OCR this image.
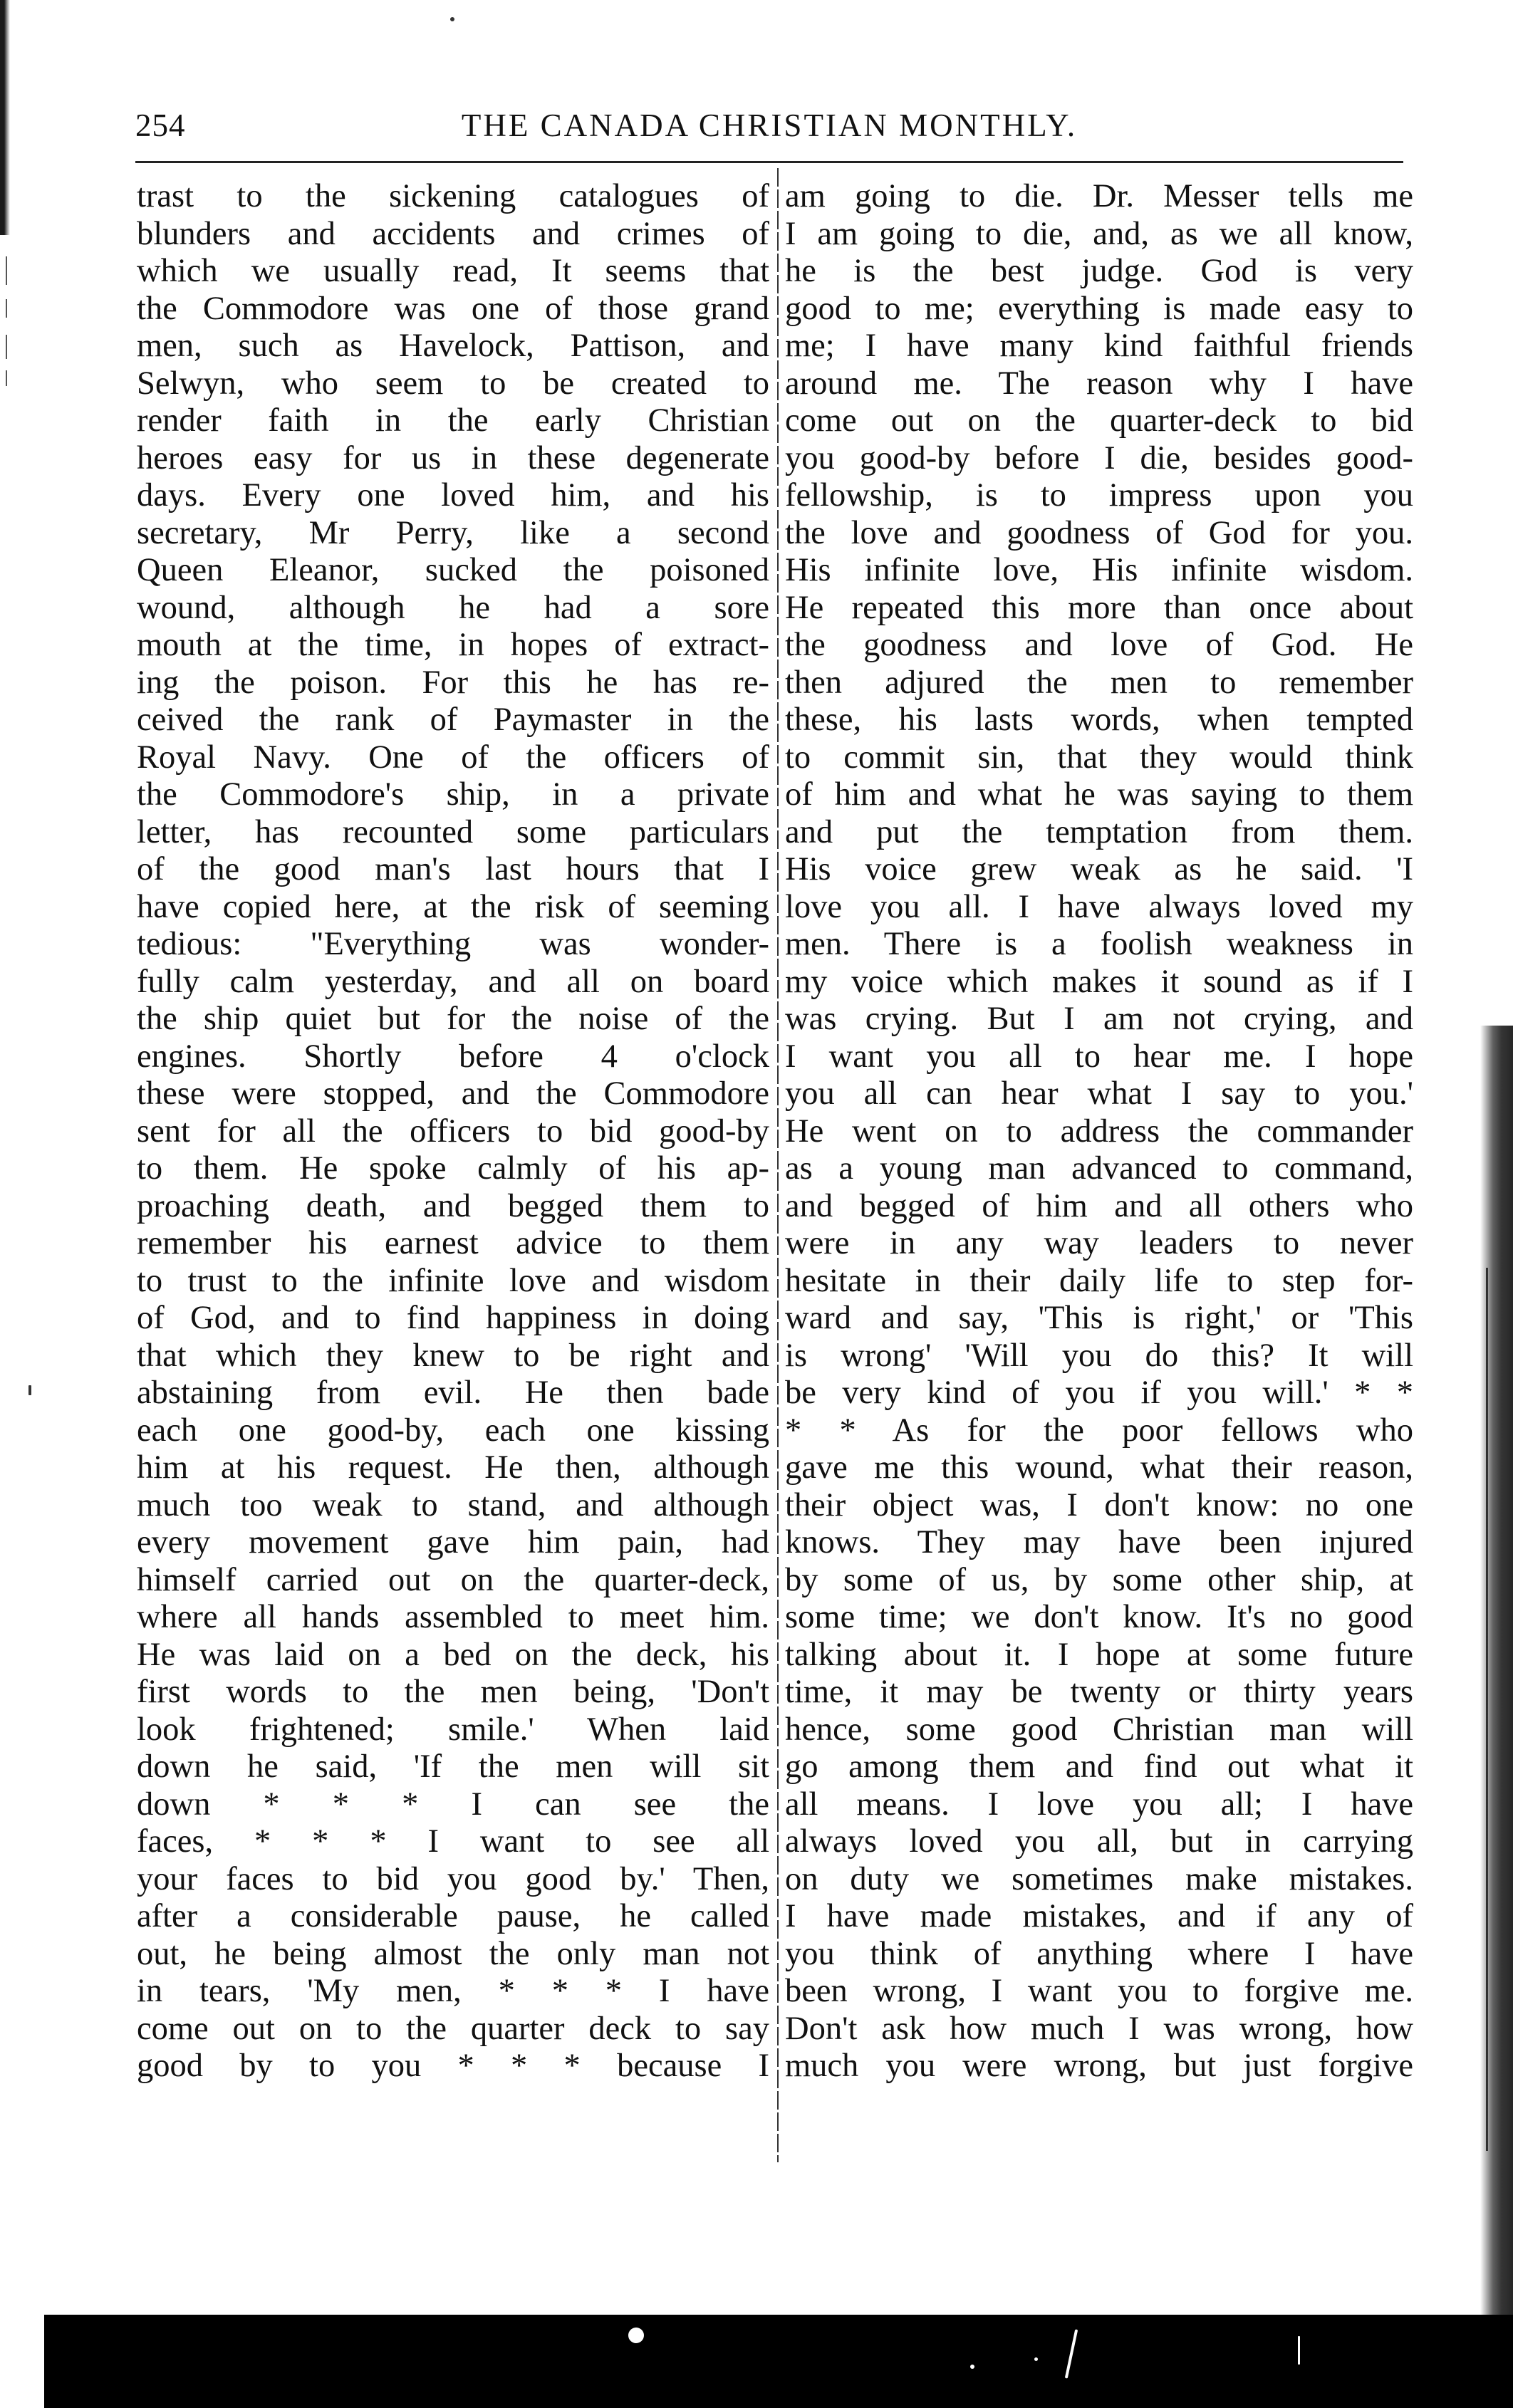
254	THE CANADA CHRISTIAN MONTHLY.
trast to the sickening catalogues of
blunders and accidents and crimes of
which we usually read, It seems that
the Commodore was one of those grand
men, such as Havelock, Pattison, and
Selwyn, who seem to be created to
render faith in the early Christian
heroes easy for us in these degenerate
days. Every one loved him, and his
secretary, Mr Perry, like a second
Queen Eleanor, sucked the poisoned
wound, although he had a sore
mouth at the time, in hopes of extract-
ing the poison. For this he has re-
ceived the rank of Paymaster in the
Royal Navy. One of the officers of
the Commodore's ship, in a private
letter, has recounted some particulars
of the good man's last hours that I
have copied here, at the risk of seeming
tedious: "Everything was wonder-
fully calm yesterday, and all on board
the ship quiet but for the noise of the
engines. Shortly before 4 o'clock
these were stopped, and the Commodore
sent for all the officers to bid good-by
to them. He spoke calmly of his ap-
proaching death, and begged them to
remember his earnest advice to them
to trust to the infinite love and wisdom
of God, and to find happiness in doing
that which they knew to be right and
abstaining from evil. He then bade
each one good-by, each one kissing
him at his request. He then, although
much too weak to stand, and although
every movement gave him pain, had
himself carried out on the quarter-deck,
where all hands assembled to meet him.
He was laid on a bed on the deck, his
first words to the men being, 'Don't
look frightened; smile.' When laid
down he said, 'If the men will sit
down * * * I can see the
faces, * * * I want to see all
your faces to bid you good by.' Then,
after a considerable pause, he called
out, he being almost the only man not
in tears, 'My men, * * * I have
come out on to the quarter deck to say
good by to you * * * because I
am going to die. Dr. Messer tells me
I am going to die, and, as we all know,
he is the best judge. God is very
good to me; everything is made easy to
me; I have many kind faithful friends
around me. The reason why I have
come out on the quarter-deck to bid
you good-by before I die, besides good-
fellowship, is to impress upon you
the love and goodness of God for you.
His infinite love, His infinite wisdom.
He repeated this more than once about
the goodness and love of God. He
then adjured the men to remember
these, his lasts words, when tempted
to commit sin, that they would think
of him and what he was saying to them
and put the temptation from them.
His voice grew weak as he said. 'I
love you all. I have always loved my
men. There is a foolish weakness in
my voice which makes it sound as if I
was crying. But I am not crying, and
I want you all to hear me. I hope
you all can hear what I say to you.'
He went on to address the commander
as a young man advanced to command,
and begged of him and all others who
were in any way leaders to never
hesitate in their daily life to step for-
ward and say, 'This is right,' or 'This
is wrong' 'Will you do this? It will
be very kind of you if you will.' * *
* * As for the poor fellows who
gave me this wound, what their reason,
their object was, I don't know: no one
knows. They may have been injured
by some of us, by some other ship, at
some time; we don't know. It's no good
talking about it. I hope at some future
time, it may be twenty or thirty years
hence, some good Christian man will
go among them and find out what it
all means. I love you all; I have
always loved you all, but in carrying
on duty we sometimes make mistakes.
I have made mistakes, and if any of
you think of anything where I have
been wrong, I want you to forgive me.
Don't ask how much I was wrong, how
much you were wrong, but just forgive
